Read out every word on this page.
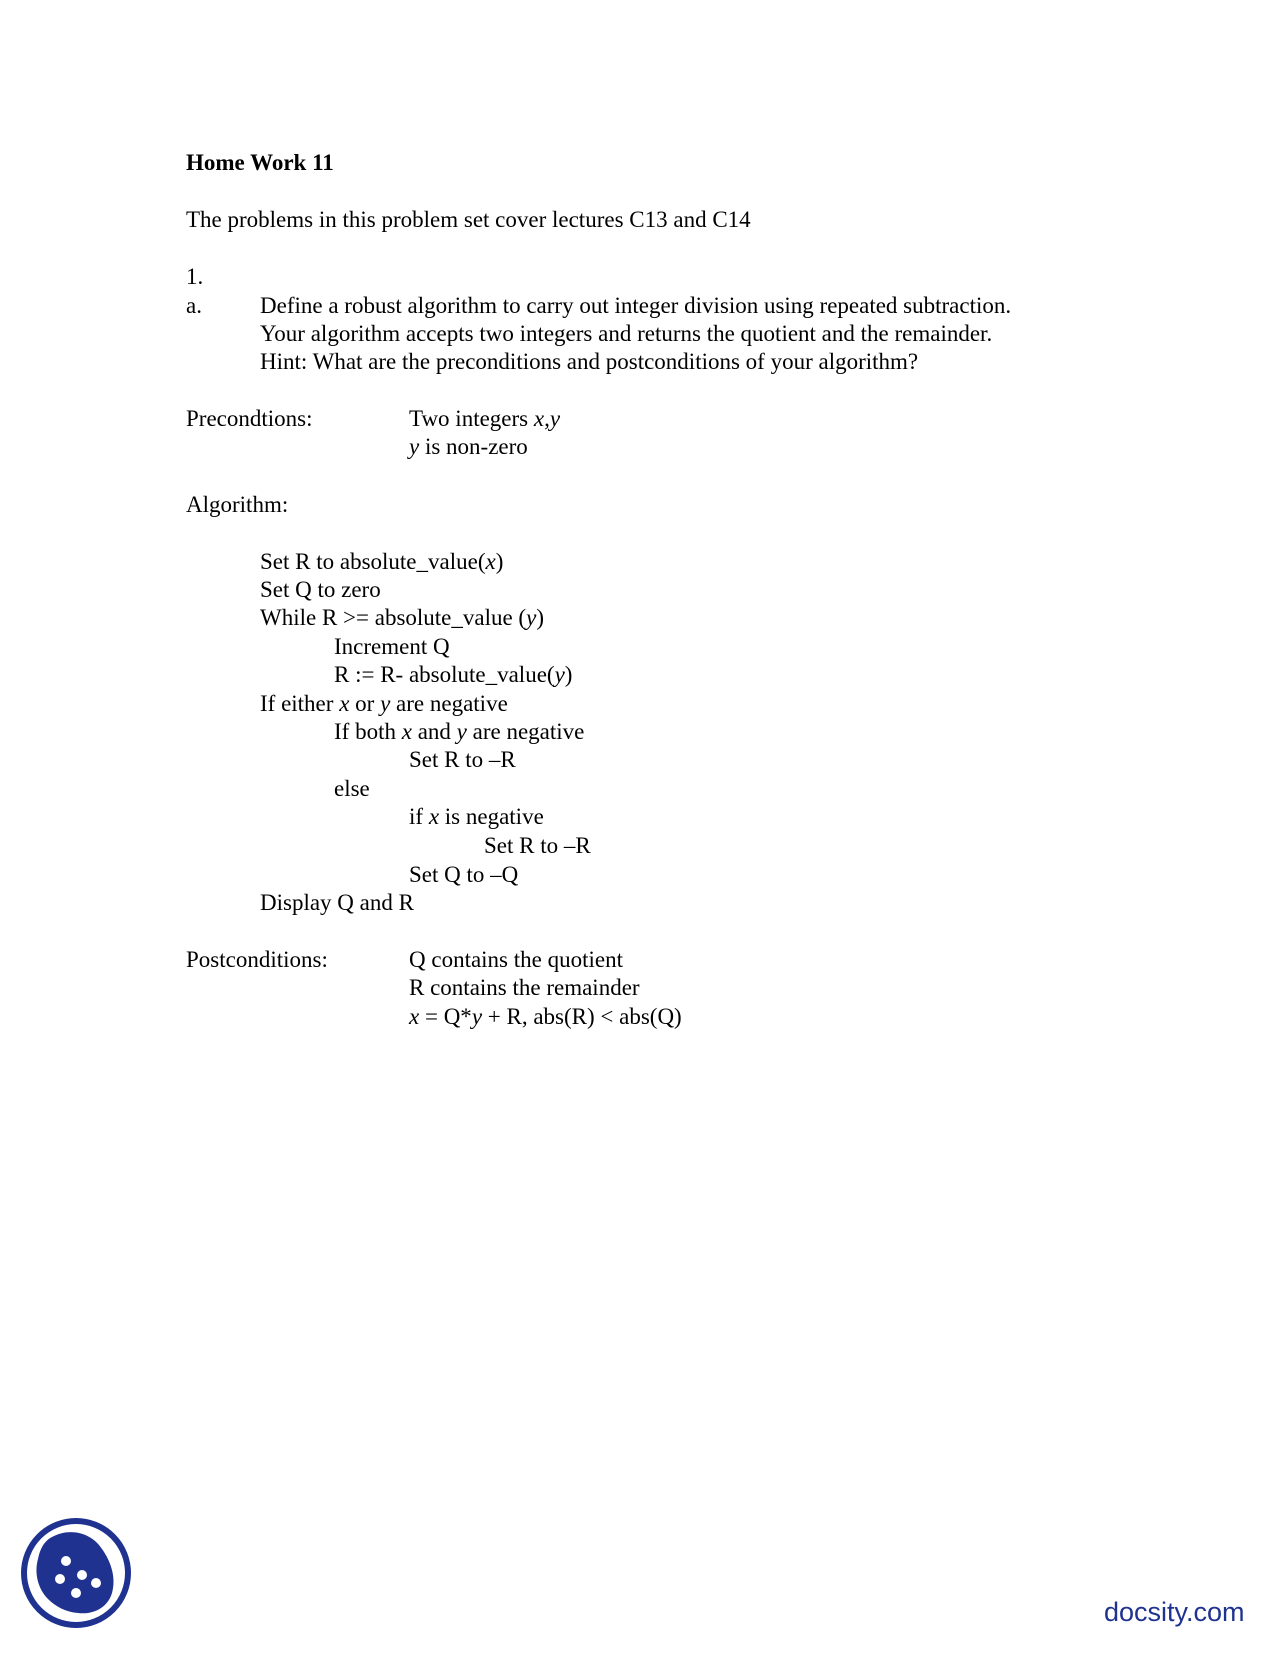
Home Work 11
The problems in this problem set cover lectures C13 and C14
1.
a.	Define a robust algorithm to carry out integer division using repeated subtraction.
Your algorithm accepts two integers and returns the quotient and the remainder.
Hint: What are the preconditions and postconditions of your algorithm?
Precondtions:	Two integers x,y
y is non-zero
Algorithm:
Set R to absolute_value(x)
Set Q to zero
While R >= absolute_value (y)
Increment Q
R := R- absolute_value(y)
If either x or y are negative
If both x and y are negative
Set R to –R
else
if x is negative
Set R to –R
Set Q to –Q
Display Q and R
Postconditions:	Q contains the quotient
R contains the remainder
x = Q*y + R, abs(R) < abs(Q)
docsity.com
